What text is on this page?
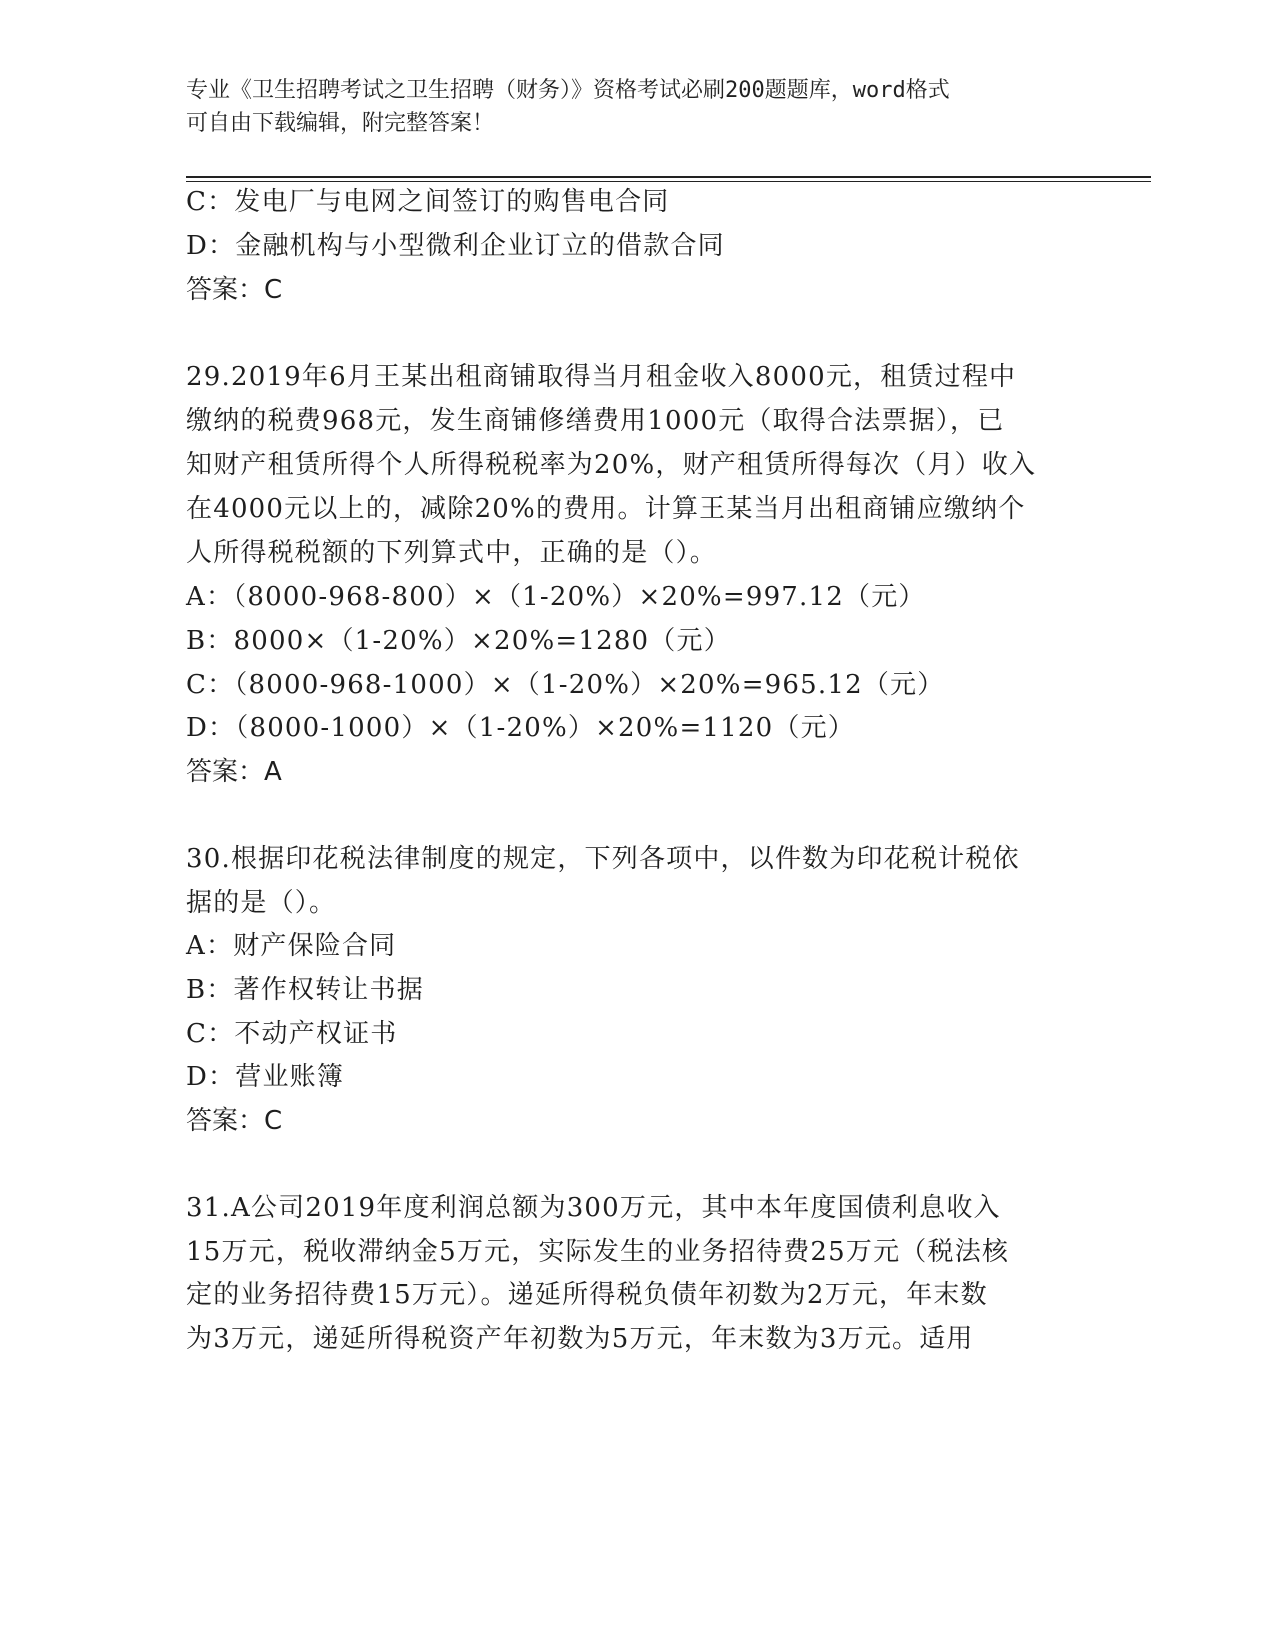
专业《卫生招聘考试之卫生招聘（财务）》资格考试必刷200题题库，word格式
可自由下载编辑，附完整答案！
C：发电厂与电网之间签订的购售电合同
D：金融机构与小型微利企业订立的借款合同
答案：C
29.2019年6月王某出租商铺取得当月租金收入8000元，租赁过程中
缴纳的税费968元，发生商铺修缮费用1000元（取得合法票据），已
知财产租赁所得个人所得税税率为20%，财产租赁所得每次（月）收入
在4000元以上的，减除20%的费用。计算王某当月出租商铺应缴纳个
人所得税税额的下列算式中，正确的是（）。
A：（8000-968-800）×（1-20%）×20%=997.12（元）
B：8000×（1-20%）×20%=1280（元）
C：（8000-968-1000）×（1-20%）×20%=965.12（元）
D：（8000-1000）×（1-20%）×20%=1120（元）
答案：A
30.根据印花税法律制度的规定，下列各项中，以件数为印花税计税依
据的是（）。
A：财产保险合同
B：著作权转让书据
C：不动产权证书
D：营业账簿
答案：C
31.A公司2019年度利润总额为300万元，其中本年度国债利息收入
15万元，税收滞纳金5万元，实际发生的业务招待费25万元（税法核
定的业务招待费15万元）。递延所得税负债年初数为2万元，年末数
为3万元，递延所得税资产年初数为5万元，年末数为3万元。适用
